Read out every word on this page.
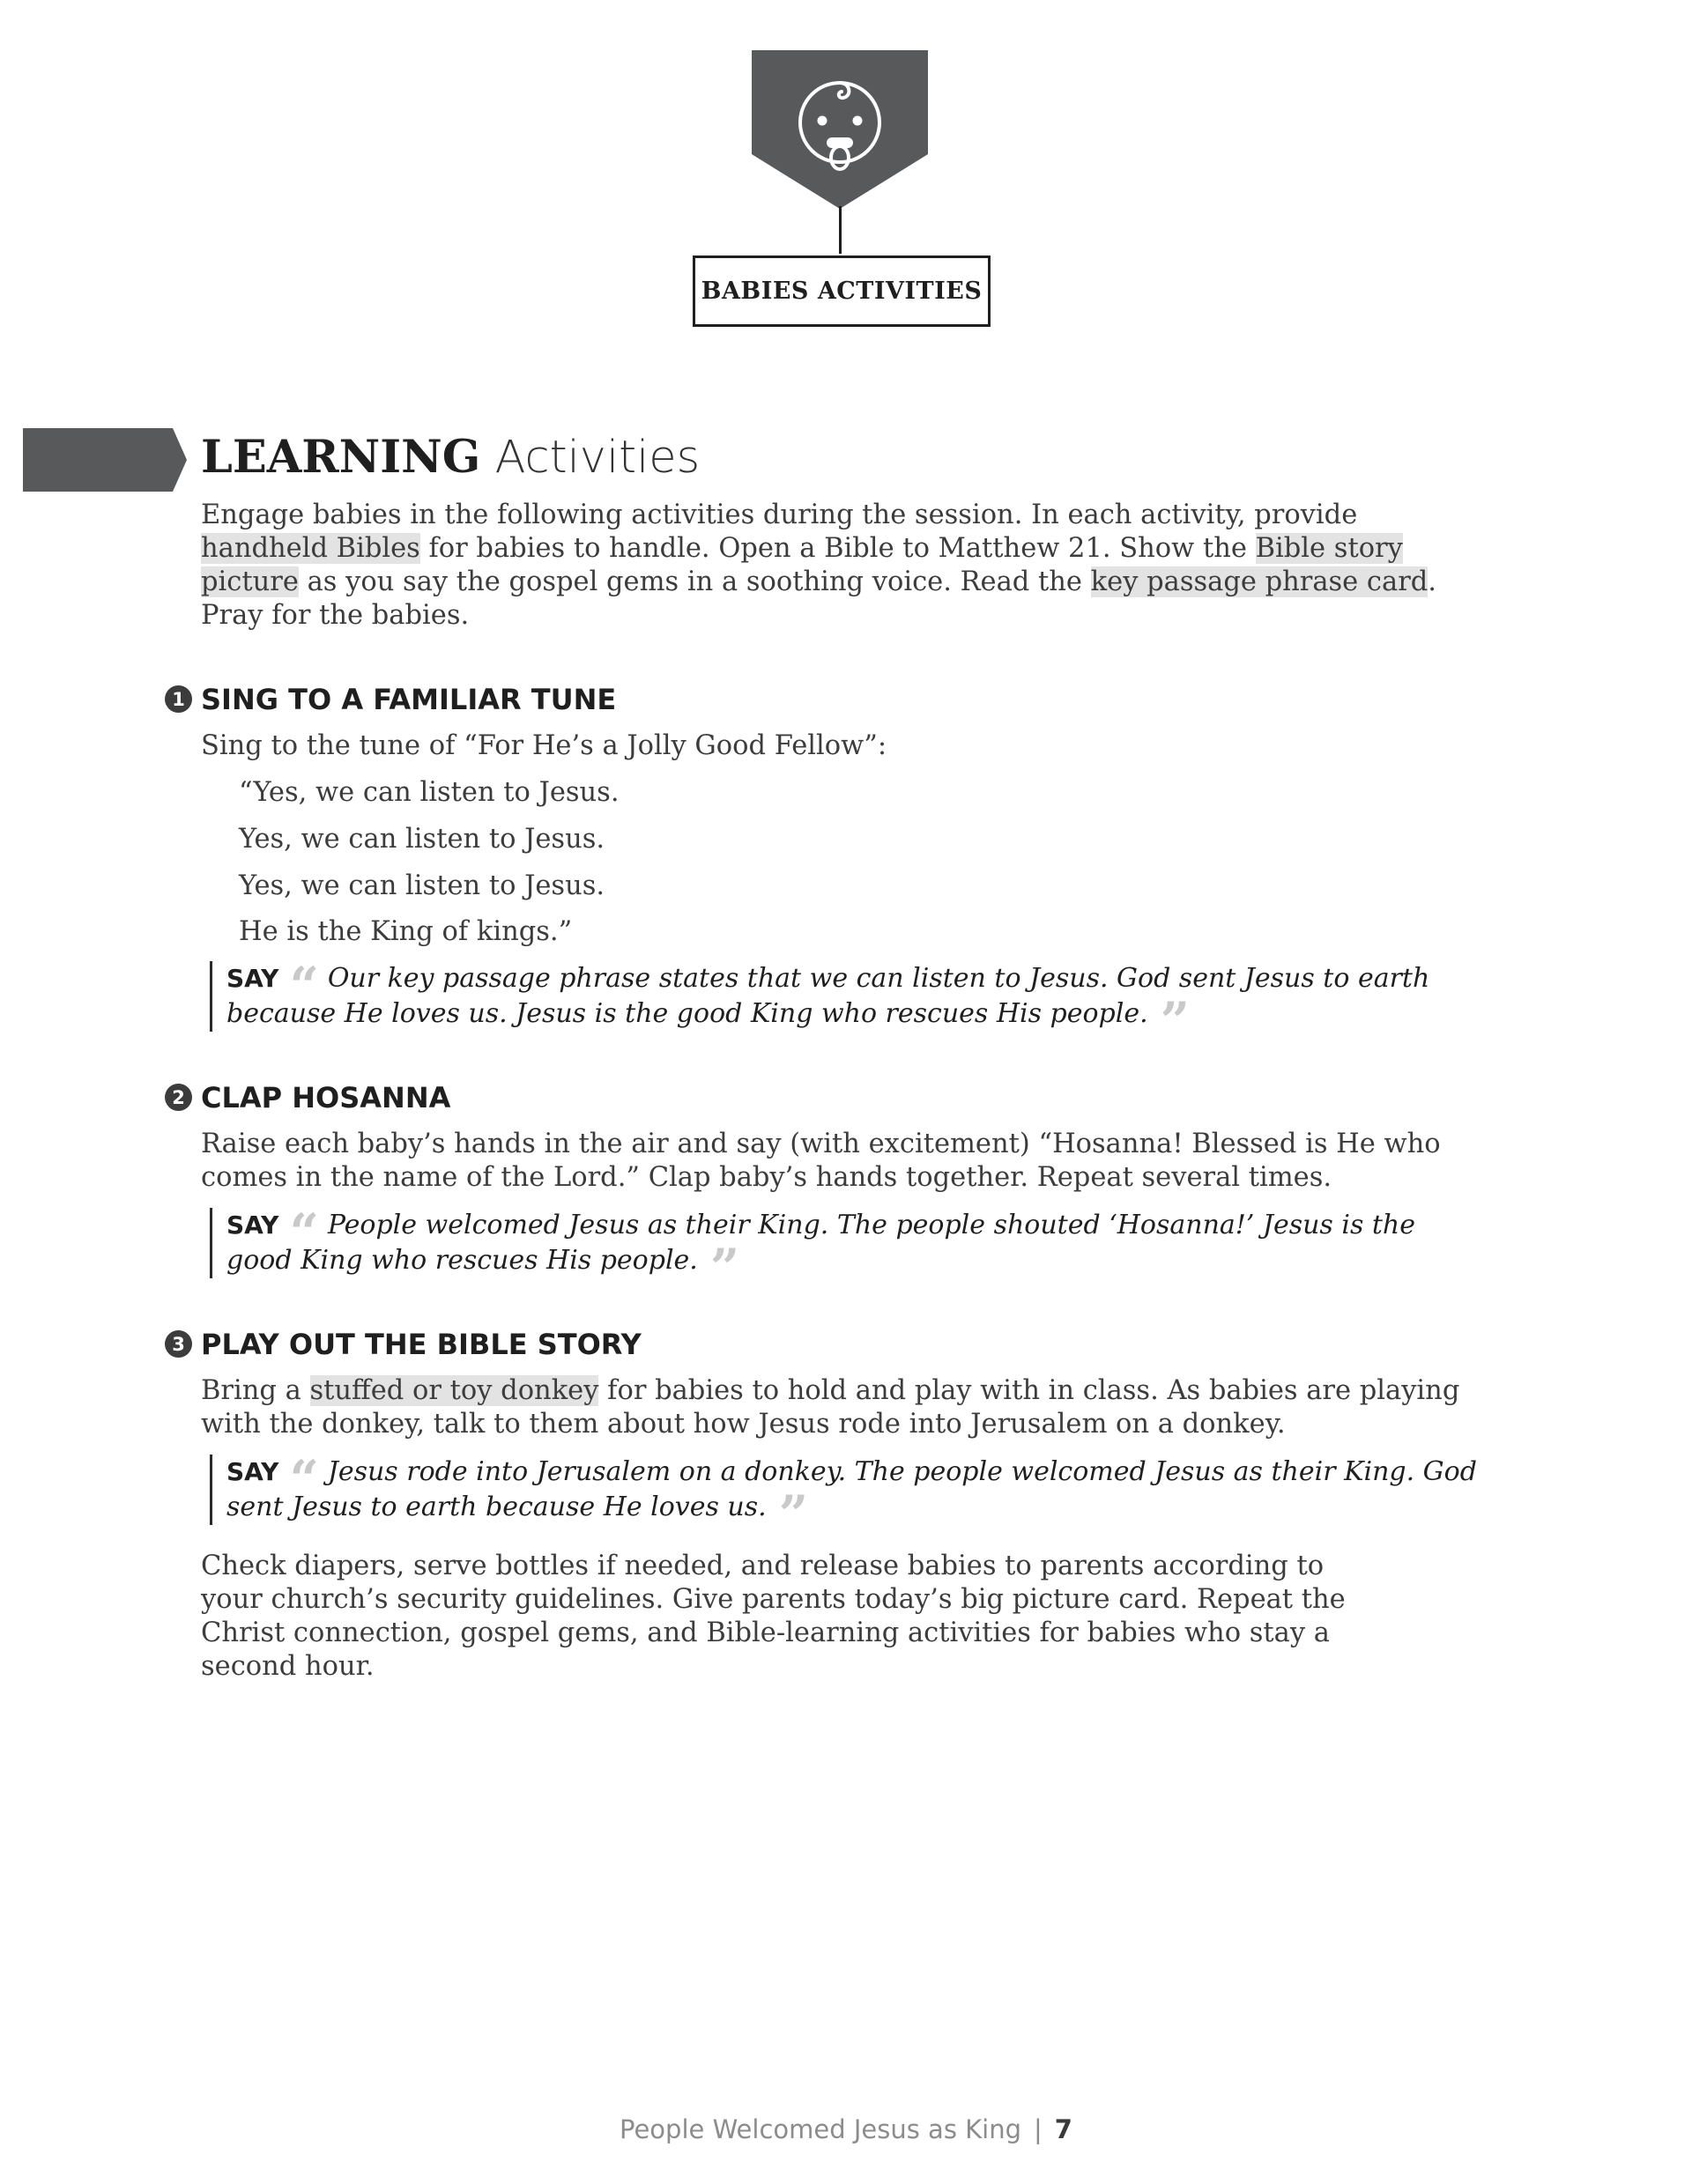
BABIES ACTIVITIES
LEARNING Activities

Engage babies in the following activities during the session. In each activity, provide handheld Bibles for babies to handle. Open a Bible to Matthew 21. Show the Bible story picture as you say the gospel gems in a soothing voice. Read the key passage phrase card. Pray for the babies.

1 SING TO A FAMILIAR TUNE

Sing to the tune of “For He’s a Jolly Good Fellow”:

“Yes, we can listen to Jesus.

Yes, we can listen to Jesus.

Yes, we can listen to Jesus.

He is the King of kings.”

SAY “ Our key passage phrase states that we can listen to Jesus. God sent Jesus to earth because He loves us. Jesus is the good King who rescues His people. ”
2 CLAP HOSANNA

Raise each baby’s hands in the air and say (with excitement) “Hosanna! Blessed is He who comes in the name of the Lord.” Clap baby’s hands together. Repeat several times.

SAY “ People welcomed Jesus as their King. The people shouted ‘Hosanna!’ Jesus is the good King who rescues His people. ”
3 PLAY OUT THE BIBLE STORY

Bring a stuffed or toy donkey for babies to hold and play with in class. As babies are playing with the donkey, talk to them about how Jesus rode into Jerusalem on a donkey.

SAY “ Jesus rode into Jerusalem on a donkey. The people welcomed Jesus as their King. God sent Jesus to earth because He loves us. ”

Check diapers, serve bottles if needed, and release babies to parents according to your church’s security guidelines. Give parents today’s big picture card. Repeat the Christ connection, gospel gems, and Bible-learning activities for babies who stay a second hour.

People Welcomed Jesus as King | 7
